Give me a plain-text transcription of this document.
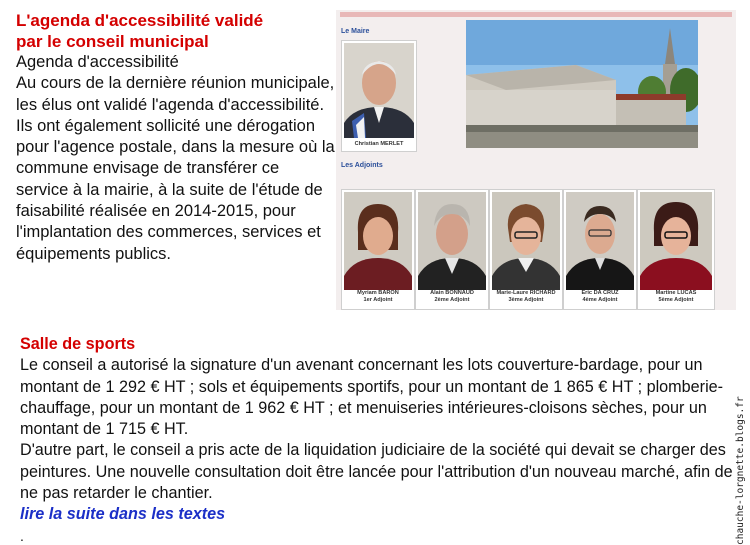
L'agenda d'accessibilité validé
par le conseil municipal
Agenda d'accessibilité
Au cours de la dernière réunion municipale, les élus ont validé l'agenda d'accessibilité. Ils ont également sollicité une dérogation pour l'agence postale, dans la mesure où la commune envisage de transférer ce service à la mairie, à la suite de l'étude de faisabilité réalisée en 2014-2015, pour l'implantation des commerces, services et équipements publics.
Le Maire
Christian MERLET
Les Adjoints
Myriam BARON
1er Adjoint
Alain BONNAUD
2ème Adjoint
Marie-Laure RICHARD
3ème Adjoint
Eric DA CRUZ
4ème Adjoint
Martine LUCAS
5ème Adjoint
Salle de sports
Le conseil a autorisé la signature d'un avenant concernant les lots couverture-bardage, pour un montant de 1 292 € HT ; sols et équipements sportifs, pour un montant de 1 865 € HT ; plomberie-chauffage, pour un montant de 1 962 € HT ; et menuiseries intérieures-cloisons sèches, pour un montant de 1 715 € HT.
D'autre part, le conseil a pris acte de la liquidation judiciaire de la société qui devait se charger des peintures. Une nouvelle consultation doit être lancée pour l'attribution d'un nouveau marché, afin de ne pas retarder le chantier.
lire la suite dans les textes
.	chauche-lorgnette.blogs.fr
